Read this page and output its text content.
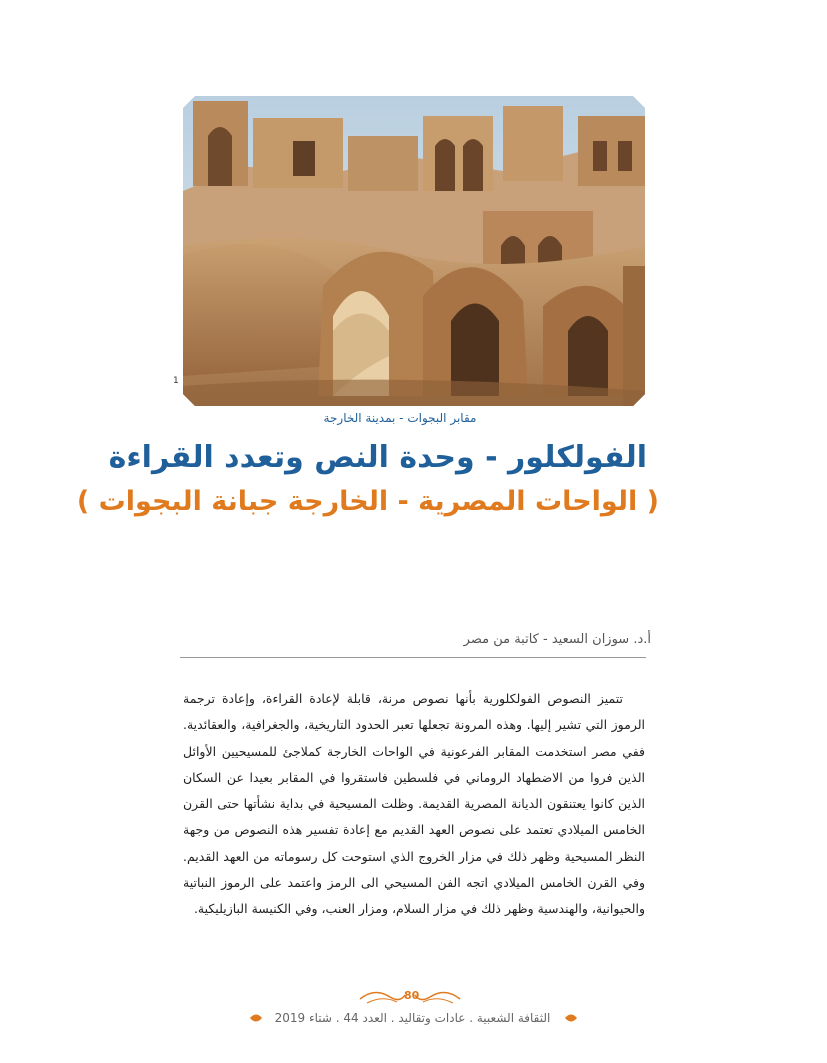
1
مقابر البجوات - بمدينة الخارجة
الفولكلور - وحدة النص وتعدد القراءة
( الواحات المصرية - الخارجة جبانة البجوات )
أ.د. سوزان السعيد - كاتبة من مصر

تتميز النصوص الفولكلورية بأنها نصوص مرنة، قابلة لإعادة القراءة، وإعادة ترجمة الرموز التي تشير إليها. وهذه المرونة تجعلها تعبر الحدود التاريخية، والجغرافية، والعقائدية. ففي مصر استخدمت المقابر الفرعونية في الواحات الخارجة كملاجئ للمسيحيين الأوائل الذين فروا من الاضطهاد الروماني في فلسطين فاستقروا في المقابر بعيدا عن السكان الذين كانوا يعتنقون الديانة المصرية القديمة. وظلت المسيحية في بداية نشأتها حتى القرن الخامس الميلادي تعتمد على نصوص العهد القديم مع إعادة تفسير هذه النصوص من وجهة النظر المسيحية وظهر ذلك في مزار الخروج الذي استوحت كل رسوماته من العهد القديم. وفي القرن الخامس الميلادي اتجه الفن المسيحي الى الرمز واعتمد على الرموز النباتية والحيوانية، والهندسية وظهر ذلك في مزار السلام، ومزار العنب، وفي الكنيسة البازيليكية.

80
الثقافة الشعبية . عادات وتقاليد . العدد 44 . شتاء 2019
